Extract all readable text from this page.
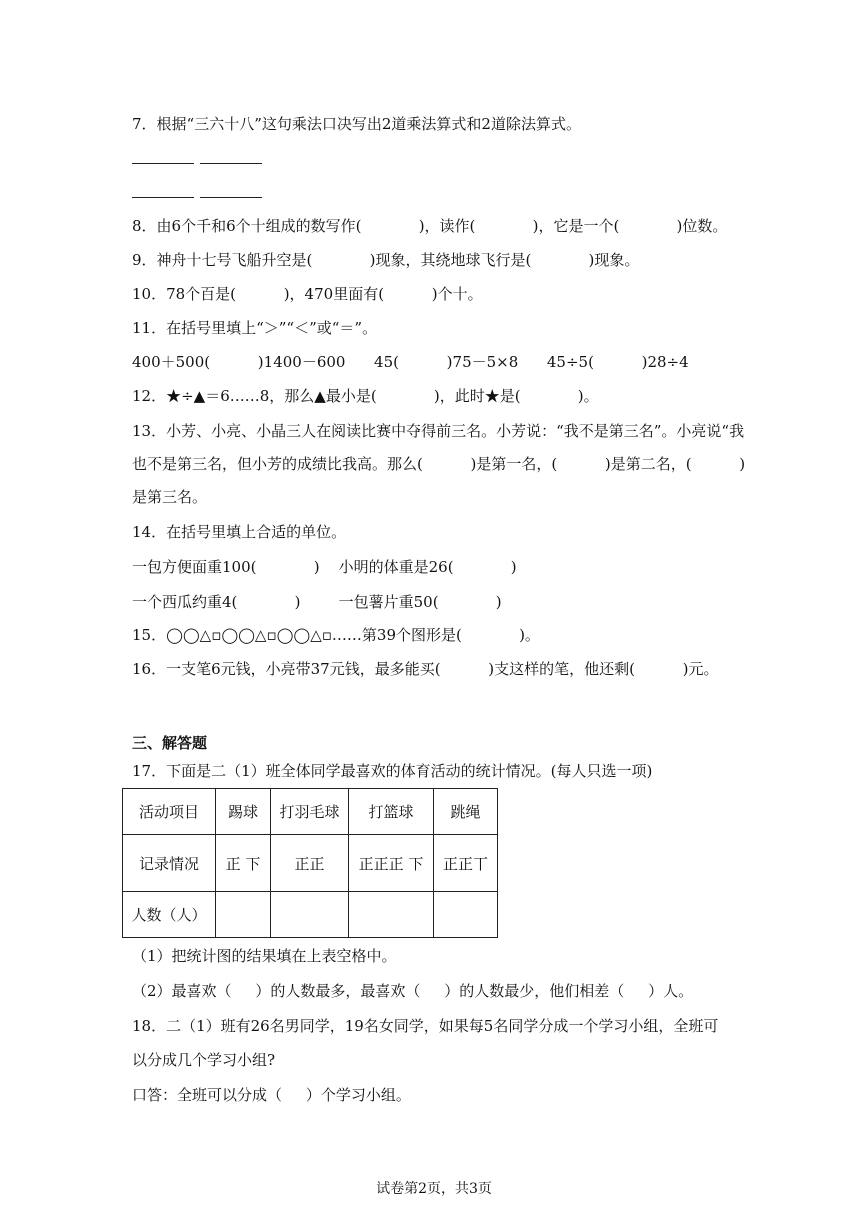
7．根据“三六十八”这句乘法口决写出2道乘法算式和2道除法算式。
8．由6个千和6个十组成的数写作(            )，读作(            )，它是一个(            )位数。
9．神舟十七号飞船升空是(            )现象，其绕地球飞行是(            )现象。
10．78个百是(          )，470里面有(          )个十。
11．在括号里填上“＞”“＜”或“＝”。
400＋500(          )1400－600      45(          )75－5×8      45÷5(          )28÷4
12．★÷▲＝6……8，那么▲最小是(            )，此时★是(            )。
13．小芳、小亮、小晶三人在阅读比赛中夺得前三名。小芳说：“我不是第三名”。小亮说“我
也不是第三名，但小芳的成绩比我高。那么(          )是第一名，(          )是第二名，(          )
是第三名。
14．在括号里填上合适的单位。
一包方便面重100(            )    小明的体重是26(            )
一个西瓜约重4(            )        一包薯片重50(            )
15．◯◯△▫◯◯△▫◯◯△▫……第39个图形是(            )。
16．一支笔6元钱，小亮带37元钱，最多能买(          )支这样的笔，他还剩(          )元。
三、解答题
17．下面是二（1）班全体同学最喜欢的体育活动的统计情况。(每人只选一项)
活动项目	踢球	打羽毛球	打篮球	跳绳
记录情况	正 下	正正	正正正 下	正正丅
人数（人）				
（1）把统计图的结果填在上表空格中。
（2）最喜欢（     ）的人数最多，最喜欢（     ）的人数最少，他们相差（     ）人。
18．二（1）班有26名男同学，19名女同学，如果每5名同学分成一个学习小组，全班可
以分成几个学习小组?
口答：全班可以分成（     ）个学习小组。
试卷第2页，共3页
